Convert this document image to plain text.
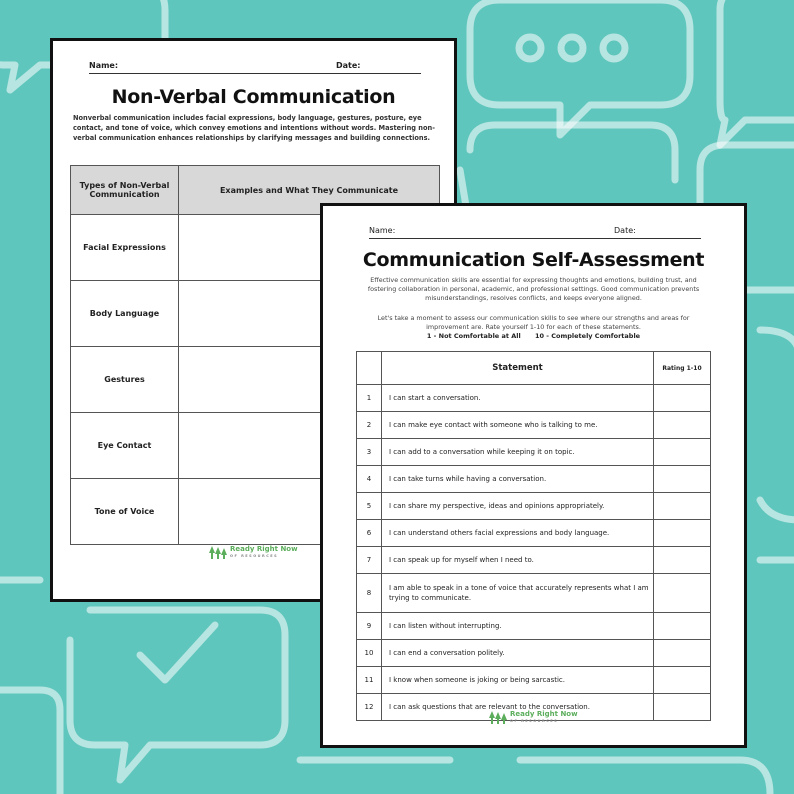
Name:	Date:
Non-Verbal Communication
Nonverbal communication includes facial expressions, body language, gestures, posture, eye contact, and tone of voice, which convey emotions and intentions without words. Mastering non-verbal communication enhances relationships by clarifying messages and building connections.
Types of Non-Verbal Communication	Examples and What They Communicate
Facial Expressions	
Body Language	
Gestures	
Eye Contact	
Tone of Voice	
Ready Right Now
OF RESOURCES
Name:	Date:
Communication Self-Assessment
Effective communication skills are essential for expressing thoughts and emotions, building trust, and fostering collaboration in personal, academic, and professional settings. Good communication prevents misunderstandings, resolves conflicts, and keeps everyone aligned.
Let's take a moment to assess our communication skills to see where our strengths and areas for improvement are. Rate yourself 1-10 for each of these statements.
1 - Not Comfortable at All 10 - Completely Comfortable
	Statement	Rating 1-10
1	I can start a conversation.	
2	I can make eye contact with someone who is talking to me.	
3	I can add to a conversation while keeping it on topic.	
4	I can take turns while having a conversation.	
5	I can share my perspective, ideas and opinions appropriately.	
6	I can understand others facial expressions and body language.	
7	I can speak up for myself when I need to.	
8	I am able to speak in a tone of voice that accurately represents what I am trying to communicate.	
9	I can listen without interrupting.	
10	I can end a conversation politely.	
11	I know when someone is joking or being sarcastic.	
12	I can ask questions that are relevant to the conversation.	
Ready Right Now
OF RESOURCES
